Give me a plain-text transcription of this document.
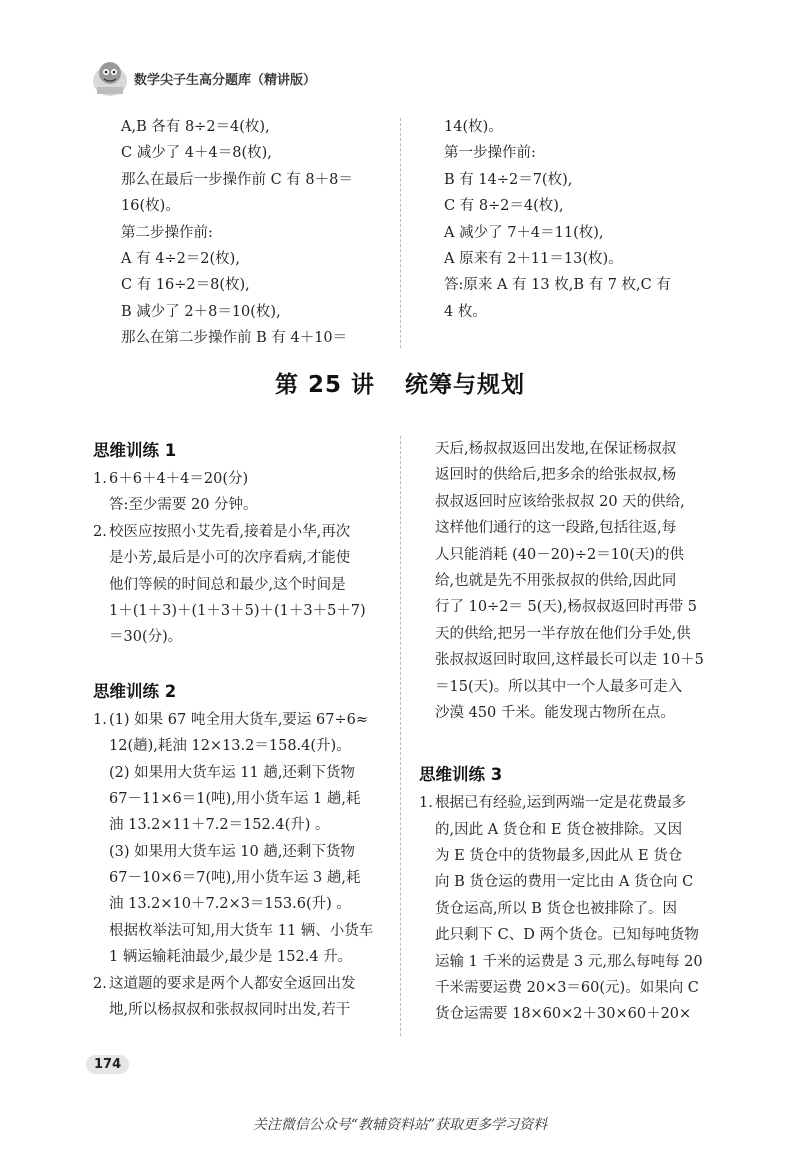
数学尖子生高分题库（精讲版）
A,B 各有 8÷2＝4(枚),
C 减少了 4＋4＝8(枚),
那么在最后一步操作前 C 有 8＋8＝
16(枚)。
第二步操作前:
A 有 4÷2＝2(枚),
C 有 16÷2＝8(枚),
B 减少了 2＋8＝10(枚),
那么在第二步操作前 B 有 4＋10＝
14(枚)。
第一步操作前:
B 有 14÷2＝7(枚),
C 有 8÷2＝4(枚),
A 减少了 7＋4＝11(枚),
A 原来有 2＋11＝13(枚)。
答:原来 A 有 13 枚,B 有 7 枚,C 有
4 枚。
第 25 讲 统筹与规划
思维训练 1
1. 6＋6＋4＋4＝20(分)
答:至少需要 20 分钟。
2. 校医应按照小艾先看,接着是小华,再次
是小芳,最后是小可的次序看病,才能使
他们等候的时间总和最少,这个时间是
1＋(1＋3)＋(1＋3＋5)＋(1＋3＋5＋7)
＝30(分)。
思维训练 2
1. (1) 如果 67 吨全用大货车,要运 67÷6≈
12(趟),耗油 12×13.2＝158.4(升)。
(2) 如果用大货车运 11 趟,还剩下货物
67－11×6＝1(吨),用小货车运 1 趟,耗
油 13.2×11＋7.2＝152.4(升) 。
(3) 如果用大货车运 10 趟,还剩下货物
67－10×6＝7(吨),用小货车运 3 趟,耗
油 13.2×10＋7.2×3＝153.6(升) 。
根据枚举法可知,用大货车 11 辆、小货车
1 辆运输耗油最少,最少是 152.4 升。
2. 这道题的要求是两个人都安全返回出发
地,所以杨叔叔和张叔叔同时出发,若干
天后,杨叔叔返回出发地,在保证杨叔叔
返回时的供给后,把多余的给张叔叔,杨
叔叔返回时应该给张叔叔 20 天的供给,
这样他们通行的这一段路,包括往返,每
人只能消耗 (40－20)÷2＝10(天)的供
给,也就是先不用张叔叔的供给,因此同
行了 10÷2＝ 5(天),杨叔叔返回时再带 5
天的供给,把另一半存放在他们分手处,供
张叔叔返回时取回,这样最长可以走 10＋5
＝15(天)。所以其中一个人最多可走入
沙漠 450 千米。能发现古物所在点。
思维训练 3
1. 根据已有经验,运到两端一定是花费最多
的,因此 A 货仓和 E 货仓被排除。又因
为 E 货仓中的货物最多,因此从 E 货仓
向 B 货仓运的费用一定比由 A 货仓向 C
货仓运高,所以 B 货仓也被排除了。因
此只剩下 C、D 两个货仓。已知每吨货物
运输 1 千米的运费是 3 元,那么每吨每 20
千米需要运费 20×3＝60(元)。如果向 C
货仓运需要 18×60×2＋30×60＋20×
174
关注微信公众号“教辅资料站”获取更多学习资料
